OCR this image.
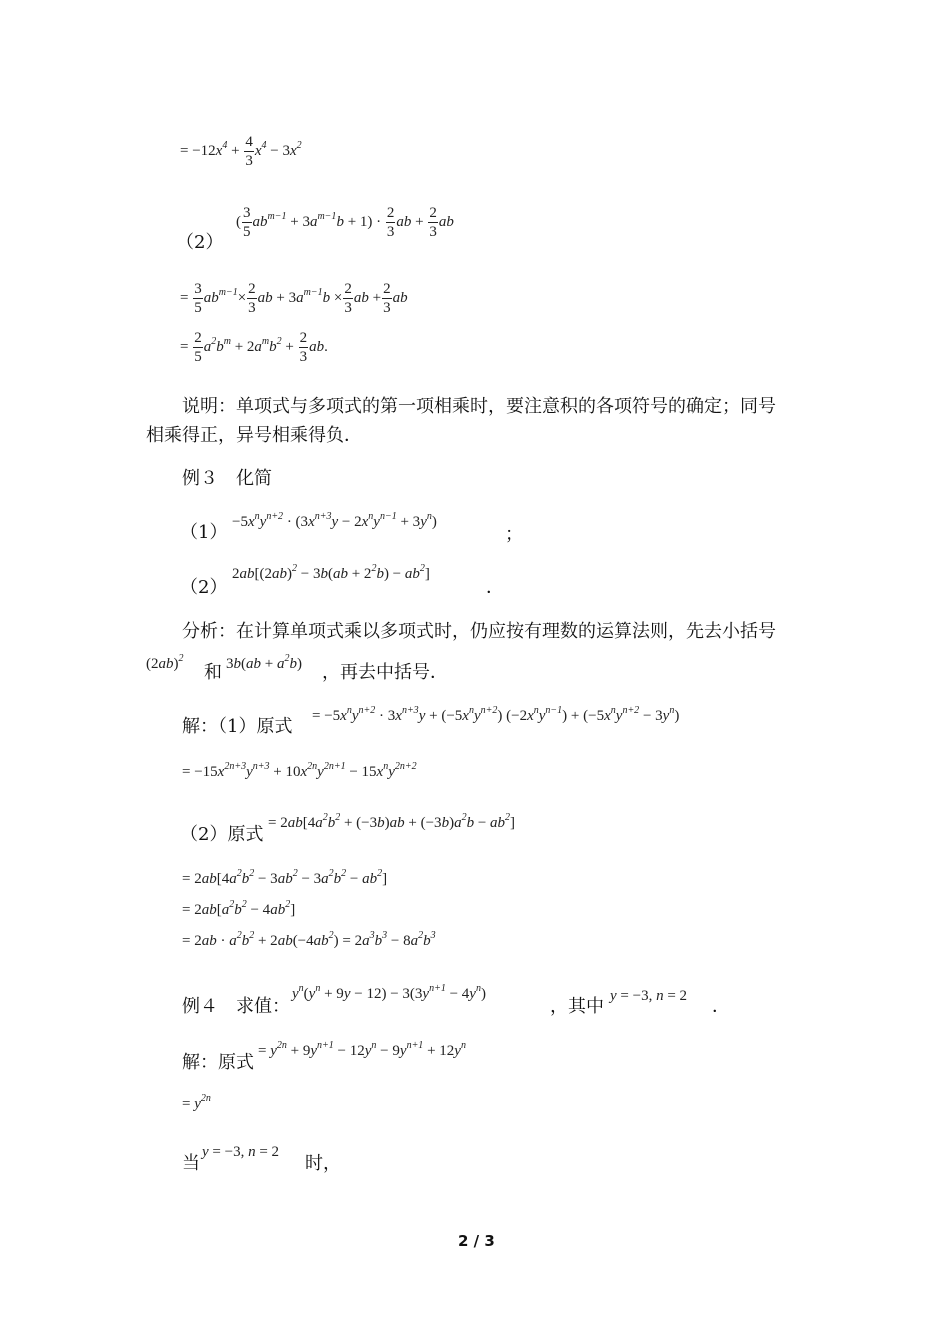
= $-12x^4 + \frac{4}{3} x^4 - 3x^2$
（2）
( $\frac{3}{5} ab^{m-1} + 3a^{m-1}b + 1) \cdot \frac{2}{3}$ ab + $\frac{2}{3}$ ab
= $\frac{3}{5} ab^{m-1}\times \frac{2}{3}$ ab + $3a^{m-1}b \times \frac{2}{3}$ ab + $\frac{2}{3}$ ab
= $\frac{2}{5} a^2b^m + 2a^mb^2 + \frac{2}{3}$ ab.
说明：单项式与多项式的第一项相乘时，要注意积的各项符号的确定；同号
相乘得正，异号相乘得负．
例３　化简
$(1) -5x^ny^{n+2} \cdot (3x^{n+3}y - 2x^ny^{n-1} + 3y^n)$
；
（2）
$2ab[(2ab)^2 - 3b(ab + 2^2b) - ab^2]$
．
分析：在计算单项式乘以多项式时，仍应按有理数的运算法则，先去小括号
$(2ab)^2$
和 $3b(ab + a^2b)$ ，再去中括号．
解：（1）原式 = $-5x^ny^{n+2} \cdot 3x^{n+3}y + (-5x^ny^{n+2}) (-2x^ny^{n-1}) + (-5x^ny^{n+2} - 3y^n)$
= $-15x^{2n+3}y^{n+3} + 10x^{2n}y^{2n+1} - 15x^ny^{2n+2}$
（2）原式
= $2ab[4a^2b^2 + (-3b)ab + (-3b)a^2b - ab^2]$
= $2ab[4a^2b^2 - 3ab^2 - 3a^2b^2 - ab^2]$
= $2ab[a^2b^2 - 4ab^2]$
= $2ab \cdot a^2b^2 + 2ab(-4ab^2) = 2a^3b^3 - 8a^2b^3$
例４　求值：
$y^n(y^n + 9y - 12) - 3(3y^{n+1} - 4y^n)$
，其中 y = −3, n = 2 ．
解：原式
= $y^{2n} + 9y^{n+1} - 12y^n - 9y^{n+1} + 12y^n$
= $y^{2n}$
当
y = −3, n = 2
时，
2 / 3
